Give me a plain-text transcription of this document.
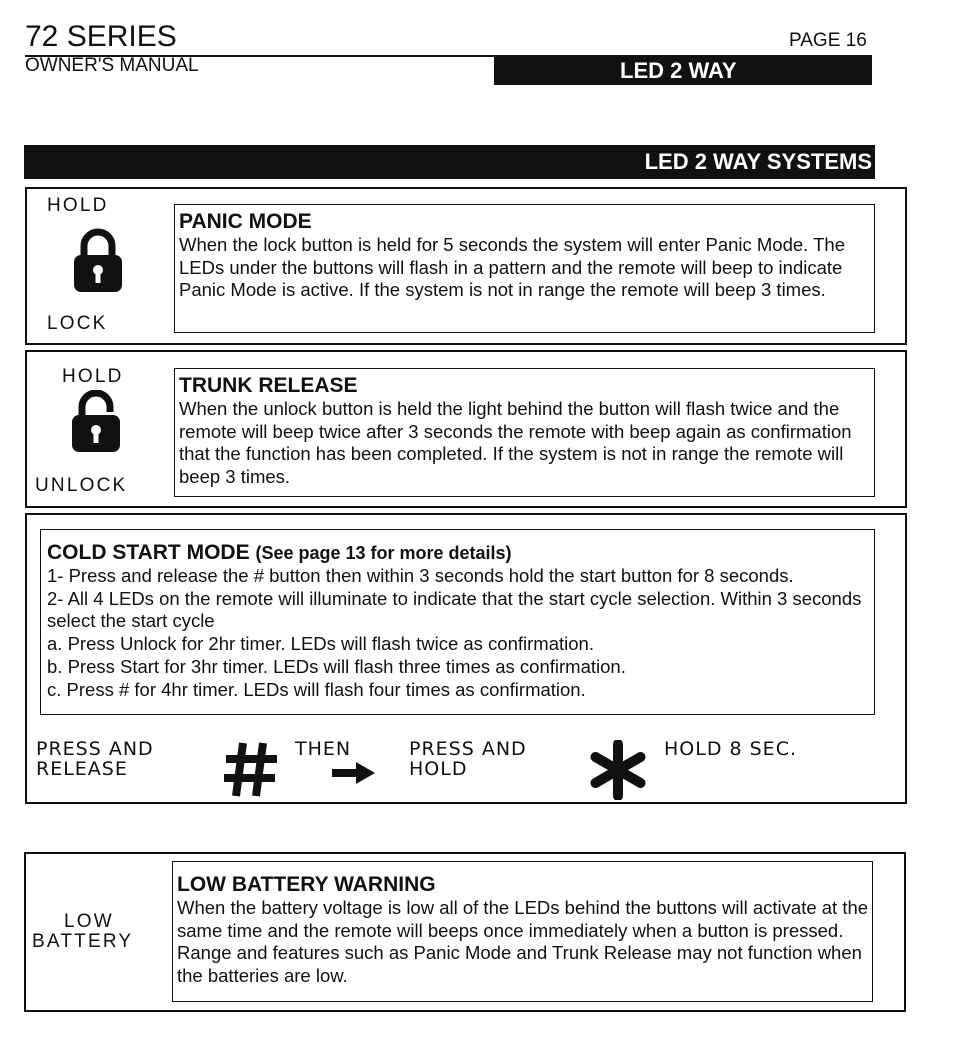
72 SERIES
OWNER'S MANUAL
PAGE 16
LED 2 WAY
LED 2 WAY SYSTEMS
HOLD
LOCK
PANIC MODE
When the lock button is held for 5 seconds the system will enter Panic Mode. The LEDs under the buttons will flash in a pattern and the remote will beep to indicate Panic Mode is active. If the system is not in range the remote will beep 3 times.
HOLD
UNLOCK
TRUNK RELEASE
When the unlock button is held the light behind the button will flash twice and the remote will beep twice after 3 seconds the remote with beep again as confirmation that the function has been completed. If the system is not in range the remote will beep 3 times.
COLD START MODE (See page 13 for more details)
1- Press and release the # button then within 3 seconds hold the start button for 8 seconds.
2- All 4 LEDs on the remote will illuminate to indicate that the start cycle selection. Within 3 seconds select the start cycle
a. Press Unlock for 2hr timer. LEDs will flash twice as confirmation.
b. Press Start for 3hr timer. LEDs will flash three times as confirmation.
c. Press # for 4hr timer. LEDs will flash four times as confirmation.
PRESS AND
RELEASE
THEN	PRESS AND
HOLD
HOLD 8 SEC.
LOW
BATTERY
LOW BATTERY WARNING
When the battery voltage is low all of the LEDs behind the buttons will activate at the same time and the remote will beeps once immediately when a button is pressed. Range and features such as Panic Mode and Trunk Release may not function when the batteries are low.
